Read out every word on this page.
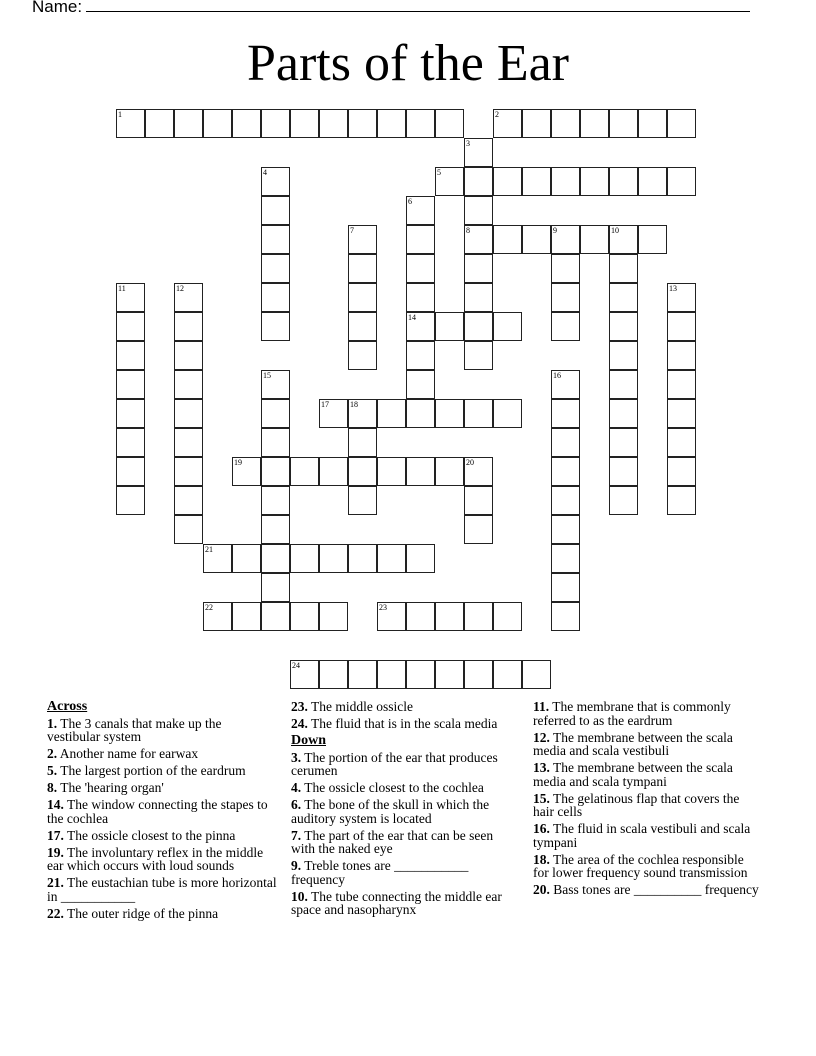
Name:
Parts of the Ear
1	2
3
8
4	5
6
14
7	9	10
11	12	13
15	16
17	18
19	20
21
22	23
24
Across
1. The 3 canals that make up the vestibular system
2. Another name for earwax
5. The largest portion of the eardrum
8. The 'hearing organ'
14. The window connecting the stapes to the cochlea
17. The ossicle closest to the pinna
19. The involuntary reflex in the middle ear which occurs with loud sounds
21. The eustachian tube is more horizontal in ___________
22. The outer ridge of the pinna
23. The middle ossicle
24. The fluid that is in the scala media
Down
3. The portion of the ear that produces cerumen
4. The ossicle closest to the cochlea
6. The bone of the skull in which the auditory system is located
7. The part of the ear that can be seen with the naked eye
9. Treble tones are ___________ frequency
10. The tube connecting the middle ear space and nasopharynx
11. The membrane that is commonly referred to as the eardrum
12. The membrane between the scala media and scala vestibuli
13. The membrane between the scala media and scala tympani
15. The gelatinous flap that covers the hair cells
16. The fluid in scala vestibuli and scala tympani
18. The area of the cochlea responsible for lower frequency sound transmission
20. Bass tones are __________ frequency
